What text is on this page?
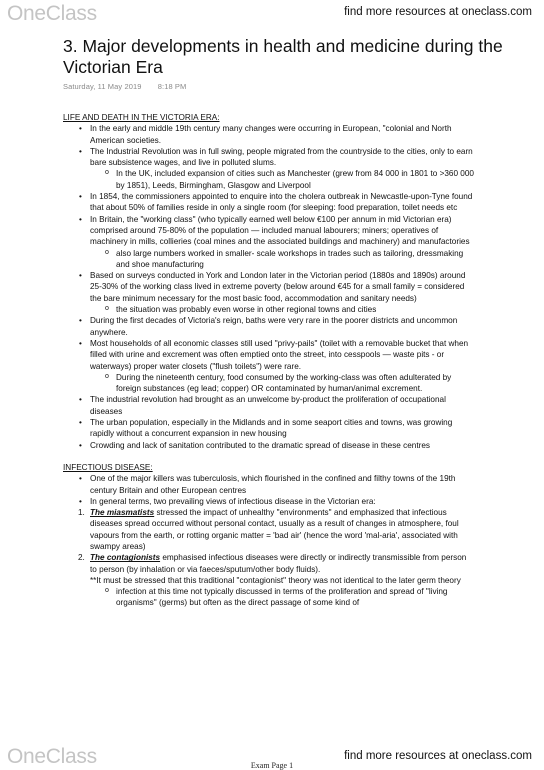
OneClass	find more resources at oneclass.com
3. Major developments in health and medicine during the Victorian Era
Saturday, 11 May 2019 8:18 PM

LIFE AND DEATH IN THE VICTORIA ERA:

• In the early and middle 19th century many changes were occurring in European, "colonial and North American societies.
• The Industrial Revolution was in full swing, people migrated from the countryside to the cities, only to earn bare subsistence wages, and live in polluted slums.
o In the UK, included expansion of cities such as Manchester (grew from 84 000 in 1801 to >360 000 by 1851), Leeds, Birmingham, Glasgow and Liverpool
• In 1854, the commissioners appointed to enquire into the cholera outbreak in Newcastle-upon-Tyne found that about 50% of families reside in only a single room (for sleeping: food preparation, toilet needs etc
• In Britain, the "working class" (who typically earned well below €100 per annum in mid Victorian era) comprised around 75-80% of the population — included manual labourers; miners; operatives of machinery in mills, collieries (coal mines and the associated buildings and machinery) and manufactories
o also large numbers worked in smaller- scale workshops in trades such as tailoring, dressmaking and shoe manufacturing
• Based on surveys conducted in York and London later in the Victorian period (1880s and 1890s) around 25-30% of the working class lived in extreme poverty (below around €45 for a small family = considered the bare minimum necessary for the most basic food, accommodation and sanitary needs)
o the situation was probably even worse in other regional towns and cities
• During the first decades of Victoria's reign, baths were very rare in the poorer districts and uncommon anywhere.
• Most households of all economic classes still used "privy-pails" (toilet with a removable bucket that when filled with urine and excrement was often emptied onto the street, into cesspools — waste pits - or waterways) proper water closets ("flush toilets") were rare.
o During the nineteenth century, food consumed by the working-class was often adulterated by foreign substances (eg lead; copper) OR contaminated by human/animal excrement.
• The industrial revolution had brought as an unwelcome by-product the proliferation of occupational diseases
• The urban population, especially in the Midlands and in some seaport cities and towns, was growing rapidly without a concurrent expansion in new housing
• Crowding and lack of sanitation contributed to the dramatic spread of disease in these centres

INFECTIOUS DISEASE:

• One of the major killers was tuberculosis, which flourished in the confined and filthy towns of the 19th century Britain and other European centres
• In general terms, two prevailing views of infectious disease in the Victorian era:
1. The miasmatists stressed the impact of unhealthy "environments" and emphasized that infectious diseases spread occurred without personal contact, usually as a result of changes in atmosphere, foul vapours from the earth, or rotting organic matter = 'bad air' (hence the word 'mal-aria', associated with swampy areas)
2. The contagionists emphasised infectious diseases were directly or indirectly transmissible from person to person (by inhalation or via faeces/sputum/other body fluids).
**It must be stressed that this traditional "contagionist" theory was not identical to the later germ theory
o infection at this time not typically discussed in terms of the proliferation and spread of "living organisms" (germs) but often as the direct passage of some kind of
OneClass	find more resources at oneclass.com
Exam Page 1
